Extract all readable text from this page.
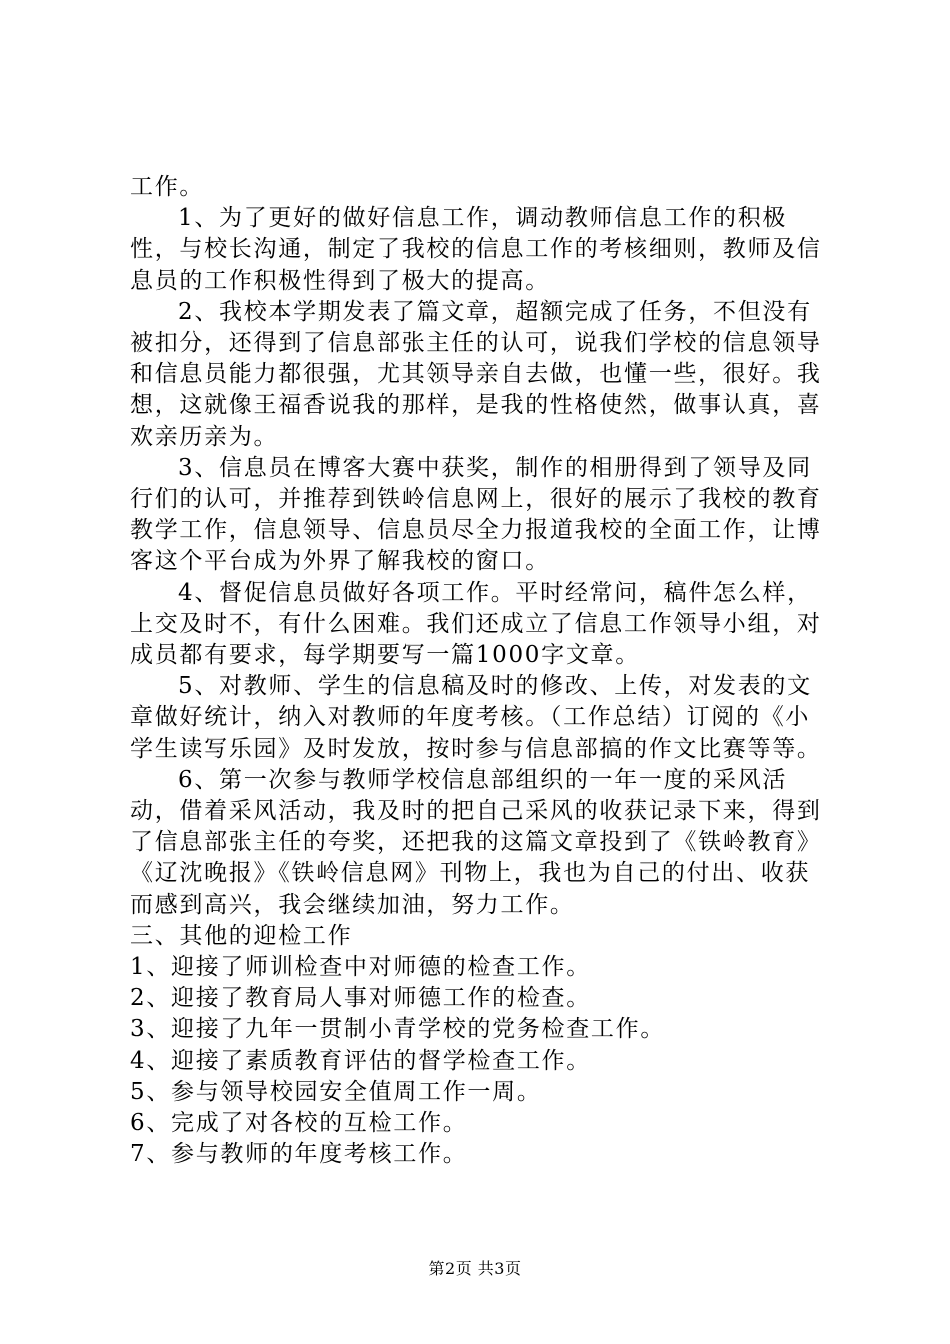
工作。

1、为了更好的做好信息工作，调动教师信息工作的积极性，与校长沟通，制定了我校的信息工作的考核细则，教师及信息员的工作积极性得到了极大的提高。

2、我校本学期发表了篇文章，超额完成了任务，不但没有被扣分，还得到了信息部张主任的认可，说我们学校的信息领导和信息员能力都很强，尤其领导亲自去做，也懂一些，很好。我想，这就像王福香说我的那样，是我的性格使然，做事认真，喜欢亲历亲为。

3、信息员在博客大赛中获奖，制作的相册得到了领导及同行们的认可，并推荐到铁岭信息网上，很好的展示了我校的教育教学工作，信息领导、信息员尽全力报道我校的全面工作，让博客这个平台成为外界了解我校的窗口。

4、督促信息员做好各项工作。平时经常问，稿件怎么样，上交及时不，有什么困难。我们还成立了信息工作领导小组，对成员都有要求，每学期要写一篇1000字文章。

5、对教师、学生的信息稿及时的修改、上传，对发表的文章做好统计，纳入对教师的年度考核。（工作总结）订阅的《小学生读写乐园》及时发放，按时参与信息部搞的作文比赛等等。

6、第一次参与教师学校信息部组织的一年一度的采风活动，借着采风活动，我及时的把自己采风的收获记录下来，得到了信息部张主任的夸奖，还把我的这篇文章投到了《铁岭教育》《辽沈晚报》《铁岭信息网》刊物上，我也为自己的付出、收获而感到高兴，我会继续加油，努力工作。

三、其他的迎检工作

1、迎接了师训检查中对师德的检查工作。

2、迎接了教育局人事对师德工作的检查。

3、迎接了九年一贯制小青学校的党务检查工作。

4、迎接了素质教育评估的督学检查工作。

5、参与领导校园安全值周工作一周。

6、完成了对各校的互检工作。

7、参与教师的年度考核工作。

第2页 共3页
